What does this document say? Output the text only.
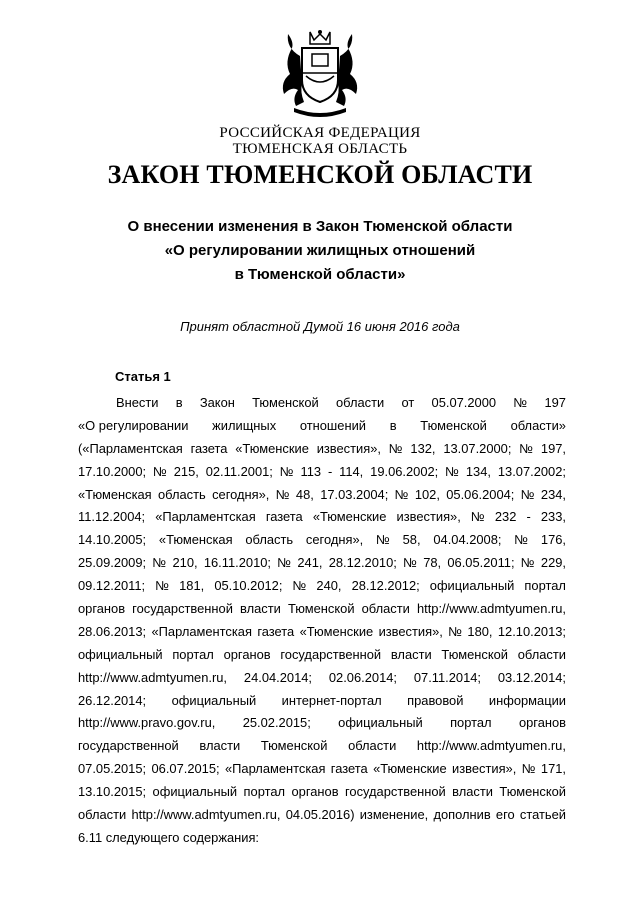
РОССИЙСКАЯ ФЕДЕРАЦИЯ
ТЮМЕНСКАЯ ОБЛАСТЬ
ЗАКОН ТЮМЕНСКОЙ ОБЛАСТИ
О внесении изменения в Закон Тюменской области
«О регулировании жилищных отношений
в Тюменской области»
Принят областной Думой 16 июня 2016 года
Статья 1
Внести в Закон Тюменской области от 05.07.2000 № 197
«О регулировании жилищных отношений в Тюменской области»
(«Парламентская газета «Тюменские известия», № 132, 13.07.2000; № 197,
17.10.2000; № 215, 02.11.2001; № 113 - 114, 19.06.2002; № 134, 13.07.2002;
«Тюменская область сегодня», № 48, 17.03.2004; № 102, 05.06.2004; № 234,
11.12.2004; «Парламентская газета «Тюменские известия», № 232 - 233,
14.10.2005; «Тюменская область сегодня», № 58, 04.04.2008; № 176,
25.09.2009; № 210, 16.11.2010; № 241, 28.12.2010; № 78, 06.05.2011; № 229,
09.12.2011; № 181, 05.10.2012; № 240, 28.12.2012; официальный портал
органов государственной власти Тюменской области http://www.admtyumen.ru,
28.06.2013; «Парламентская газета «Тюменские известия», № 180, 12.10.2013;
официальный портал органов государственной власти Тюменской области
http://www.admtyumen.ru, 24.04.2014; 02.06.2014; 07.11.2014; 03.12.2014;
26.12.2014; официальный интернет-портал правовой информации
http://www.pravo.gov.ru, 25.02.2015; официальный портал органов
государственной власти Тюменской области http://www.admtyumen.ru,
07.05.2015; 06.07.2015; «Парламентская газета «Тюменские известия», № 171,
13.10.2015; официальный портал органов государственной власти Тюменской
области http://www.admtyumen.ru, 04.05.2016) изменение, дополнив его статьей
6.11 следующего содержания:
